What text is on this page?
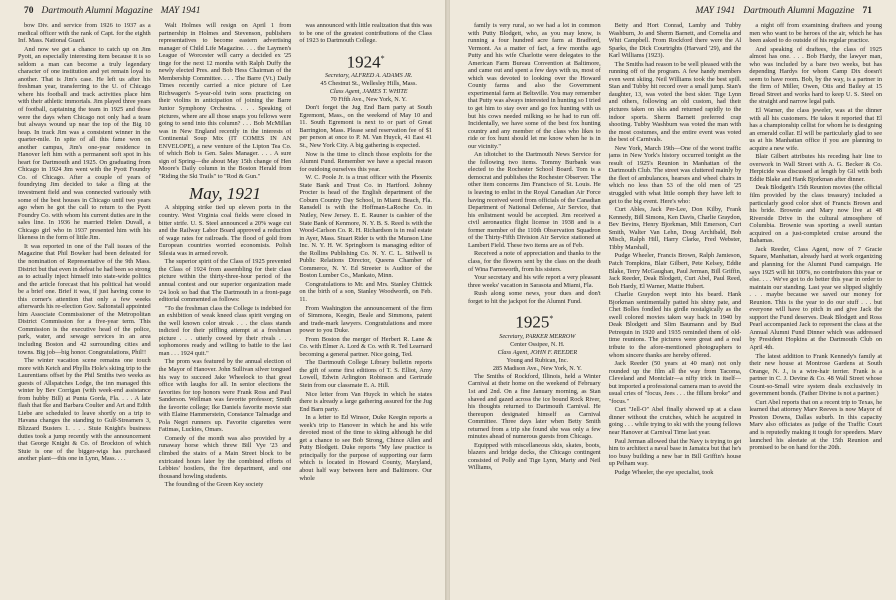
70 Dartmouth Alumni Magazine MAY 1941

bow Div. and service from 1926 to 1937 as a medical officer with the rank of Capt. for the eighth Inf. Mass. National Guard.

And now we get a chance to catch up on Jim Pyott, an especially interesting item because it is so seldom a man can become a truly legendary character of one institution and yet remain loyal to another. That is Jim's case. He left us after his freshman year, transferring to the U. of Chicago where his football and track activities place him with their athletic immortals. Jim played three years of football, captaining the team in 1925 and those were the days when Chicago not only had a team but always wound up near the top of the Big 10 heap. In track Jim was a consistent winner in the quarter-mile. In spite of all this fame won on another campus, Jim's one-year residence in Hanover left him with a permanent soft spot in his heart for Dartmouth and 1925. On graduating from Chicago in 1924 Jim went with the Pyott Foundry Co. of Chicago. After a couple of years of foundrying Jim decided to take a fling at the investment field and was connected variously with some of the best houses in Chicago until two years ago when he got the call to return to the Pyott Foundry Co. with whom his current duties are in the sales line. In 1936 he married Helen Duvall, a Chicago girl who in 1937 presented him with his likeness in the form of little Jim.

It was reported in one of the Fall issues of the Magazine that Phil Bowker had been defeated for the nomination of Representative of the 9th Mass. District but that even in defeat he had been so strong as to actually inject himself into state-wide politics and the article forecast that his political hat would be a brief one. Brief it was, if just having come to this corner's attention that only a few weeks afterwards his re-election Gov. Saltonstall appointed him Associate Commissioner of the Metropolitan District Commission for a five-year term. This Commission is the executive head of the police, park, water, and sewage services in an area including Boston and 42 surrounding cities and towns. Big job—big honor. Congratulations, Phil!!

The winter vacation scene remains one touch more with Ketch and Phyllis Hole's skiing trip to the Laurentians offset by the Phil Smiths two weeks as guests of Allspatches Lodge, the inn managed this winter by Bev Corrigan (with week-end assistance from hubby Bill) at Punta Gorda, Fla. . . . A late flash that Ike and Barbara Coulter and Art and Edith Liebe are scheduled to leave shortly on a trip to Havana changes the standing to Gulf-Streamers 3, Blizzard Busters 1. . . . Stuie Knight's business duties took a jump recently with the announcement that George Knight & Co. of Brockton of which Stuie is one of the bigger-wigs has purchased another plant—this one in Lynn, Mass. . . .

Walt Holmes will resign on April 1 from partnership in Holmes and Stevenson, publishers representatives to become eastern advertising manager of Child Life Magazine. . . . the Laymen's League of Worcester will carry a decided ex '25 tinge for the next 12 months with Ralph Duffy the newly elected Pres. and Bob Hess Chairman of the Membership Committee. . . . The Barre (Vt.) Daily Times recently carried a nice picture of Lee Richwagen's 5-year-old twin sons practicing on their violins in anticipation of joining the Barre Junior Symphony Orchestra. . . . Speaking of pictures, where are all those snaps you fellows were going to send into this column? . . . Bob McMillan was in New England recently in the interests of Continental Soup Mix (IT COMES IN AN ENVELOPE), a new venture of the Lipton Tea Co. of which Bob is Gen. Sales Manager. . . . A sure sign of Spring—the about May 15th change of Hen Moore's Daily column in the Boston Herald from "Riding the Ski Trails" to "Rod & Gun."

May, 1921

A shipping strike tied up eleven ports in the country. West Virginia coal fields were closed in bitter strife. U. S. Steel announced a 20% wage cut and the Railway Labor Board approved a reduction of wage rates for railroads. The flood of gold from European countries worried economists. Polish Silesia was in armed revolt.

The superior spirit of the Class of 1925 prevented the Class of 1924 from assembling for their class picture within the thirty-three-hour period of the annual contest and our superior organization made '24 look so bad that The Dartmouth in a front-page editorial commented as follows:

"To the freshman class the College is indebted for an exhibition of weak kneed class spirit verging on the well known color streak . . . the class stands indicted for their piffling attempt at a freshman picture . . . utterly cowed by their rivals . . . sophomores ready and willing to battle to the last man . . . 1924 quit."

The prom was featured by the annual election of the Mayor of Hanover. John Sullivan silver tongued his way to succeed Jake Wheelock to that great office with laughs for all. In senior elections the favorites for top honors were Frank Ross and Paul Sanderson. Wellman was favorite professor; Smith the favorite college; Ike Daniels favorite movie star with Elaine Hammerstein, Constance Talmadge and Pola Negri runners up. Favorite cigarettes were Fatimas, Luckies, Omars.

Comedy of the month was also provided by a runaway horse which threw Bill Vye '23 and climbed the stairs of a Main Street block to be extricated hours later by the combined efforts of Lebbies' hostlers, the fire department, and one thousand howling students.

The founding of the Green Key society

was announced with little realization that this was to be one of the greatest contributions of the Class of 1923 to Dartmouth College.

1924*

Secretary, ALFRED A. ADAMS JR.

45 Chestnut St., Wellesley Hills, Mass.

Class Agent, JAMES T. WHITE

70 Fifth Ave., New York, N. Y.

Don't forget the Jug End Barn party at South Egremont, Mass., on the weekend of May 10 and 11. South Egremont is next to or part of Great Barrington, Mass. Please send reservation fee of $1 per person at once to P. M. Van Huyck, 41 East 41 St., New York City. A big gathering is expected.

Now is the time to clinch those exploits for the Alumni Fund. Remember we have a special reason for outdoing ourselves this year.

W. C. Poole Jr. is a trust officer with the Phoenix State Bank and Trust Co. in Hartford. Johnny Procter is head of the English department of the Coburn Country Day School, in Miami Beach, Fla. Ransdell is with the Hoffman-LaRoche Co. in Nutley, New Jersey. E. E. Rauner is cashier of the State Bank of Kenmore, N. Y. B. S. Reed is with the Wood-Carlson Co. R. H. Richardson is in real estate in Ayer, Mass. Stuart Rider is with the Munson Line Inc. N. Y. H. W. Springborn is managing editor of the Rollins Publishing Co. N. Y. C. L. Stilwell is Public Relations Director, Queens Chamber of Commerce, N. Y. Ed Streeter is Auditor of the Boston Lumber Co., Mankato, Minn.

Congratulations to Mr. and Mrs. Stanley Chittick on the birth of a son, Stanley Woodworth, on Feb. 11.

From Washington the announcement of the firm of Simmons, Keegin, Beale and Simmons, patent and trade-mark lawyers. Congratulations and more power to you Duke.

From Boston the merger of Herbert R. Lane & Co. with Elmer A. Lord & Co. with R. Ted Learnard becoming a general partner. Nice going, Ted.

The Dartmouth College Library bulletin reports the gift of some first editions of T. S. Elliot, Amy Lowell, Edwin Arlington Robinson and Gertrude Stein from our classmate E. A. Hill.

Nice letter from Van Huyck in which he states there is already a large gathering assured for the Jug End Barn party.

In a letter to Ed Winsor, Duke Keegin reports a week's trip to Hanover in which he and his wife devoted most of the time to skiing although he did get a chance to see Bob Strong, Chince Allen and Putty Blodgett. Duke reports "My law practice is principally for the purpose of supporting our farm which is located in Howard County, Maryland, about half way between here and Baltimore. Our whole

MAY 1941 Dartmouth Alumni Magazine 71

family is very rural, so we had a lot in common with Putty Blodgett, who, as you may know, is running a four hundred acre farm at Bradford, Vermont. As a matter of fact, a few months ago Putty and his wife Charlotte were delegates to the American Farm Bureau Convention at Baltimore, and came out and spent a few days with us, most of which was devoted to looking over the Howard County farms and also the Government experimental farm at Beltsville. You may remember that Putty was always interested in hunting so I tried to get him to stay over and go fox hunting with us but his cows needed milking so he had to run off. Incidentally, we have some of the best fox hunting country and any member of the class who likes to ride or fox hunt should let me know when he is in our vicinity."

An idiotchet to the Dartmouth News Service for the following two items. Tommy Burbank was elected to the Rochester School Board. Tom is a democrat and publishes the Rochester Observer. The other item concerns Jim Francisco of St. Louis. He is leaving to enlist in the Royal Canadian Air Force having received word from officials of the Canadian Department of National Defense, Air Service, that his enlistment would be accepted. Jim received a civil aeronautics flight license in 1938 and is a former member of the 110th Observation Squadron of the Thirty-Fifth Division Air Service stationed at Lambert Field. These two items are as of Feb.

Received a note of appreciation and thanks to the class, for the flowers sent by the class on the death of Wina Farnsworth, from his sisters.

Your secretary and his wife report a very pleasant three weeks' vacation in Sarasota and Miami, Fla.

Rush along some news, your dues and don't forget to hit the jackpot for the Alumni Fund.

1925*

Secretary, PARKER MERROW

Center Ossipee, N. H.

Class Agent, JOHN F. REEDER

Young and Rubican, Inc.

285 Madison Ave., New York, N. Y.

The Smiths of Rockford, Illinois, held a Winter Carnival at their home on the weekend of February 1st and 2nd. On a fine January morning, as Stan shaved and gazed across the ice bound Rock River, his thoughts returned to Dartmouth Carnival. He thereupon designated himself as Carnival Committee. Three days later when Betty Smith returned from a trip she found she was only a few minutes ahead of numerous guests from Chicago.

Equipped with miscellaneous skis, skates, boots, blazers and bridge decks, the Chicago contingent consisted of Polly and Tige Lynn, Marty and Neil Williams,

Betty and Hort Conrad, Lamby and Tubby Washburn, Jo and Sherm Barnett, and Cornelia and Whit Campbell. From Rockford there were the Al Sparks, the Dick Courtrights (Harvard '29), and the Karl Williams (1923).

The Smiths had reason to be well pleased with the running off of the program. A few handy members even went skiing. Neil Williams took the best spill. Stan and Tubby hit record over a small jump. Stan's daughter, 13, was voted the best skier. Tige Lynn and others, following an old custom, had their pictures taken on skis and returned rapidly to the indoor sports. Sherm Barnett preferred crap shooting. Tubby Washburn was voted the man with the most costumes, and the entire event was voted the best of Carnivals.

New York, March 19th—One of the worst traffic jams in New York's history occurred tonight as the result of 1925's Reunion in Manhattan of the Dartmouth Club. The street was cluttered mainly by the fleet of ambulances, hearses and wheel chairs in which no less than 53 of the old men of '25 struggled with what little oomph they have left to get to the big event. Here's who:

Curt Ables, Jack Per-Lee, Don Kilby, Frank Kennedy, Bill Simons, Ken Davis, Charlie Graydon, Bev Bevins, Henry Bjorkman, Milt Emerson, Curt Smith, Walter Van Lehn, Doug Archibald, Bob Misch, Ralph Hill, Harry Clarke, Fred Webster, Tibby Marshall,

Pudge Wheeler, Francis Brown, Ralph Jamieson, Patch Tompkins, Blair Gilbert, Pete Kelsey, Eddie Blake, Terry McGaughan, Paul Jerman, Bill Griffin, Jack Reeder, Deak Blodgett, Curt Abel, Paul Reed, Bob Hardy, El Warner, Mattie Hubert.

Charlie Graydon wept into his beard. Hank Bjorkman sentimentally patted his shiny pate, and Chet Bolles fondled his girdle nostalgically as the swell colored movies taken way back in 1940 by Deak Blodgett and Slim Baumann and by Bud Petrequin in 1920 and 1935 reminded them of old-time reunions. The pictures were great and a real tribute to the afore-mentioned photographers to whom sincere thanks are hereby offered.

Jack Reeder (50 years at 40 man) not only rounded up the film all the way from Tacoma, Cleveland and Montclair—a nifty trick in itself—but imported a professional camera man to avoid the usual cries of "focus, Jees . . . the fillum broke" and "focus."

Curt "Jell-O" Abel finally showed up at a class dinner without the crutches, which he acquired in going . . . while trying to ski with the young fellows near Hanover at Carnival Time last year.

Paul Jerman allowed that the Navy is trying to get him to architect a naval base in Jamaica but that he's too busy building a new bar in Bill Griffin's house up Pelham way.

Pudge Wheeler, the eye specialist, took

a night off from examining draftees and young men who want to be heroes of the air, which he has been asked to do outside of his regular practice.

And speaking of draftees, the class of 1925 almost has one. . . . Bob Hardy, the lawyer man, who was included by a bare two weeks, but has depending Hardys for whom Camp Dix doesn't seem to have room. Bob, by the way, is a partner in the firm of Miller, Owen, Otis and Bailey at 15 Broad Street and works hard to keep U. S. Steel on the straight and narrow legal path.

El Warner, the class jeweler, was at the dinner with all his customers. He takes it reported that El has a championship cellist for whom he is designing an emerald collar. El will be particularly glad to see us at his Manhattan office if you are planning to acquire a new wife.

Blair Gilbert attributes his receding hair line to overwork in Wall Street with A. G. Becker & Co. Herpicide was discussed at length by Gil with both Eddie Blake and Hank Bjorkman after dinner.

Deak Blodgett's 15th Reunion movies (the official film provided by the class treasury) included a particularly good color shot of Francis Brown and his bride. Brownie and Mary now live at 48 Riverside Drive in the cultural atmosphere of Columbia. Brownie was sporting a swell suntan acquired on a just-completed cruise around the Bahamas.

Jack Reeder, Class Agent, now of 7 Gracie Square, Manhattan, already hard at work organizing and planning for the Alumni Fund campaign. He says 1925 will hit 100%, no contributors this year or else. . . . We've got to do better this year in order to maintain our standing. Last year we slipped slightly . . . maybe because we saved our money for Reunion. This is the year to do our stuff . . . but everyone will have to pitch in and give Jack the support the Fund deserves. Deak Blodgett and Ross Pearl accompanied Jack to represent the class at the Annual Alumni Fund Dinner which was addressed by President Hopkins at the Dartmouth Club on April 4th.

The latest addition to Frank Kennedy's family at their new house at Montrose Gardens at South Orange, N. J., is a wire-hair terrier. Frank is a partner in C. J. Devine & Co. 48 Wall Street whose Count-so-Small wire system deals exclusively in government bonds. (Father Divine is not a partner.)

Curt Abel reports that on a recent trip to Texas, he learned that attorney Marv Reeves is now Mayor of Preston Downs, Dallas suburb. In this capacity Marv also officiates as judge of the Traffic Court and is reputedly making it tough for speeders. Marv launched his aleetate at the 15th Reunion and promised to be on hand for the 20th.
